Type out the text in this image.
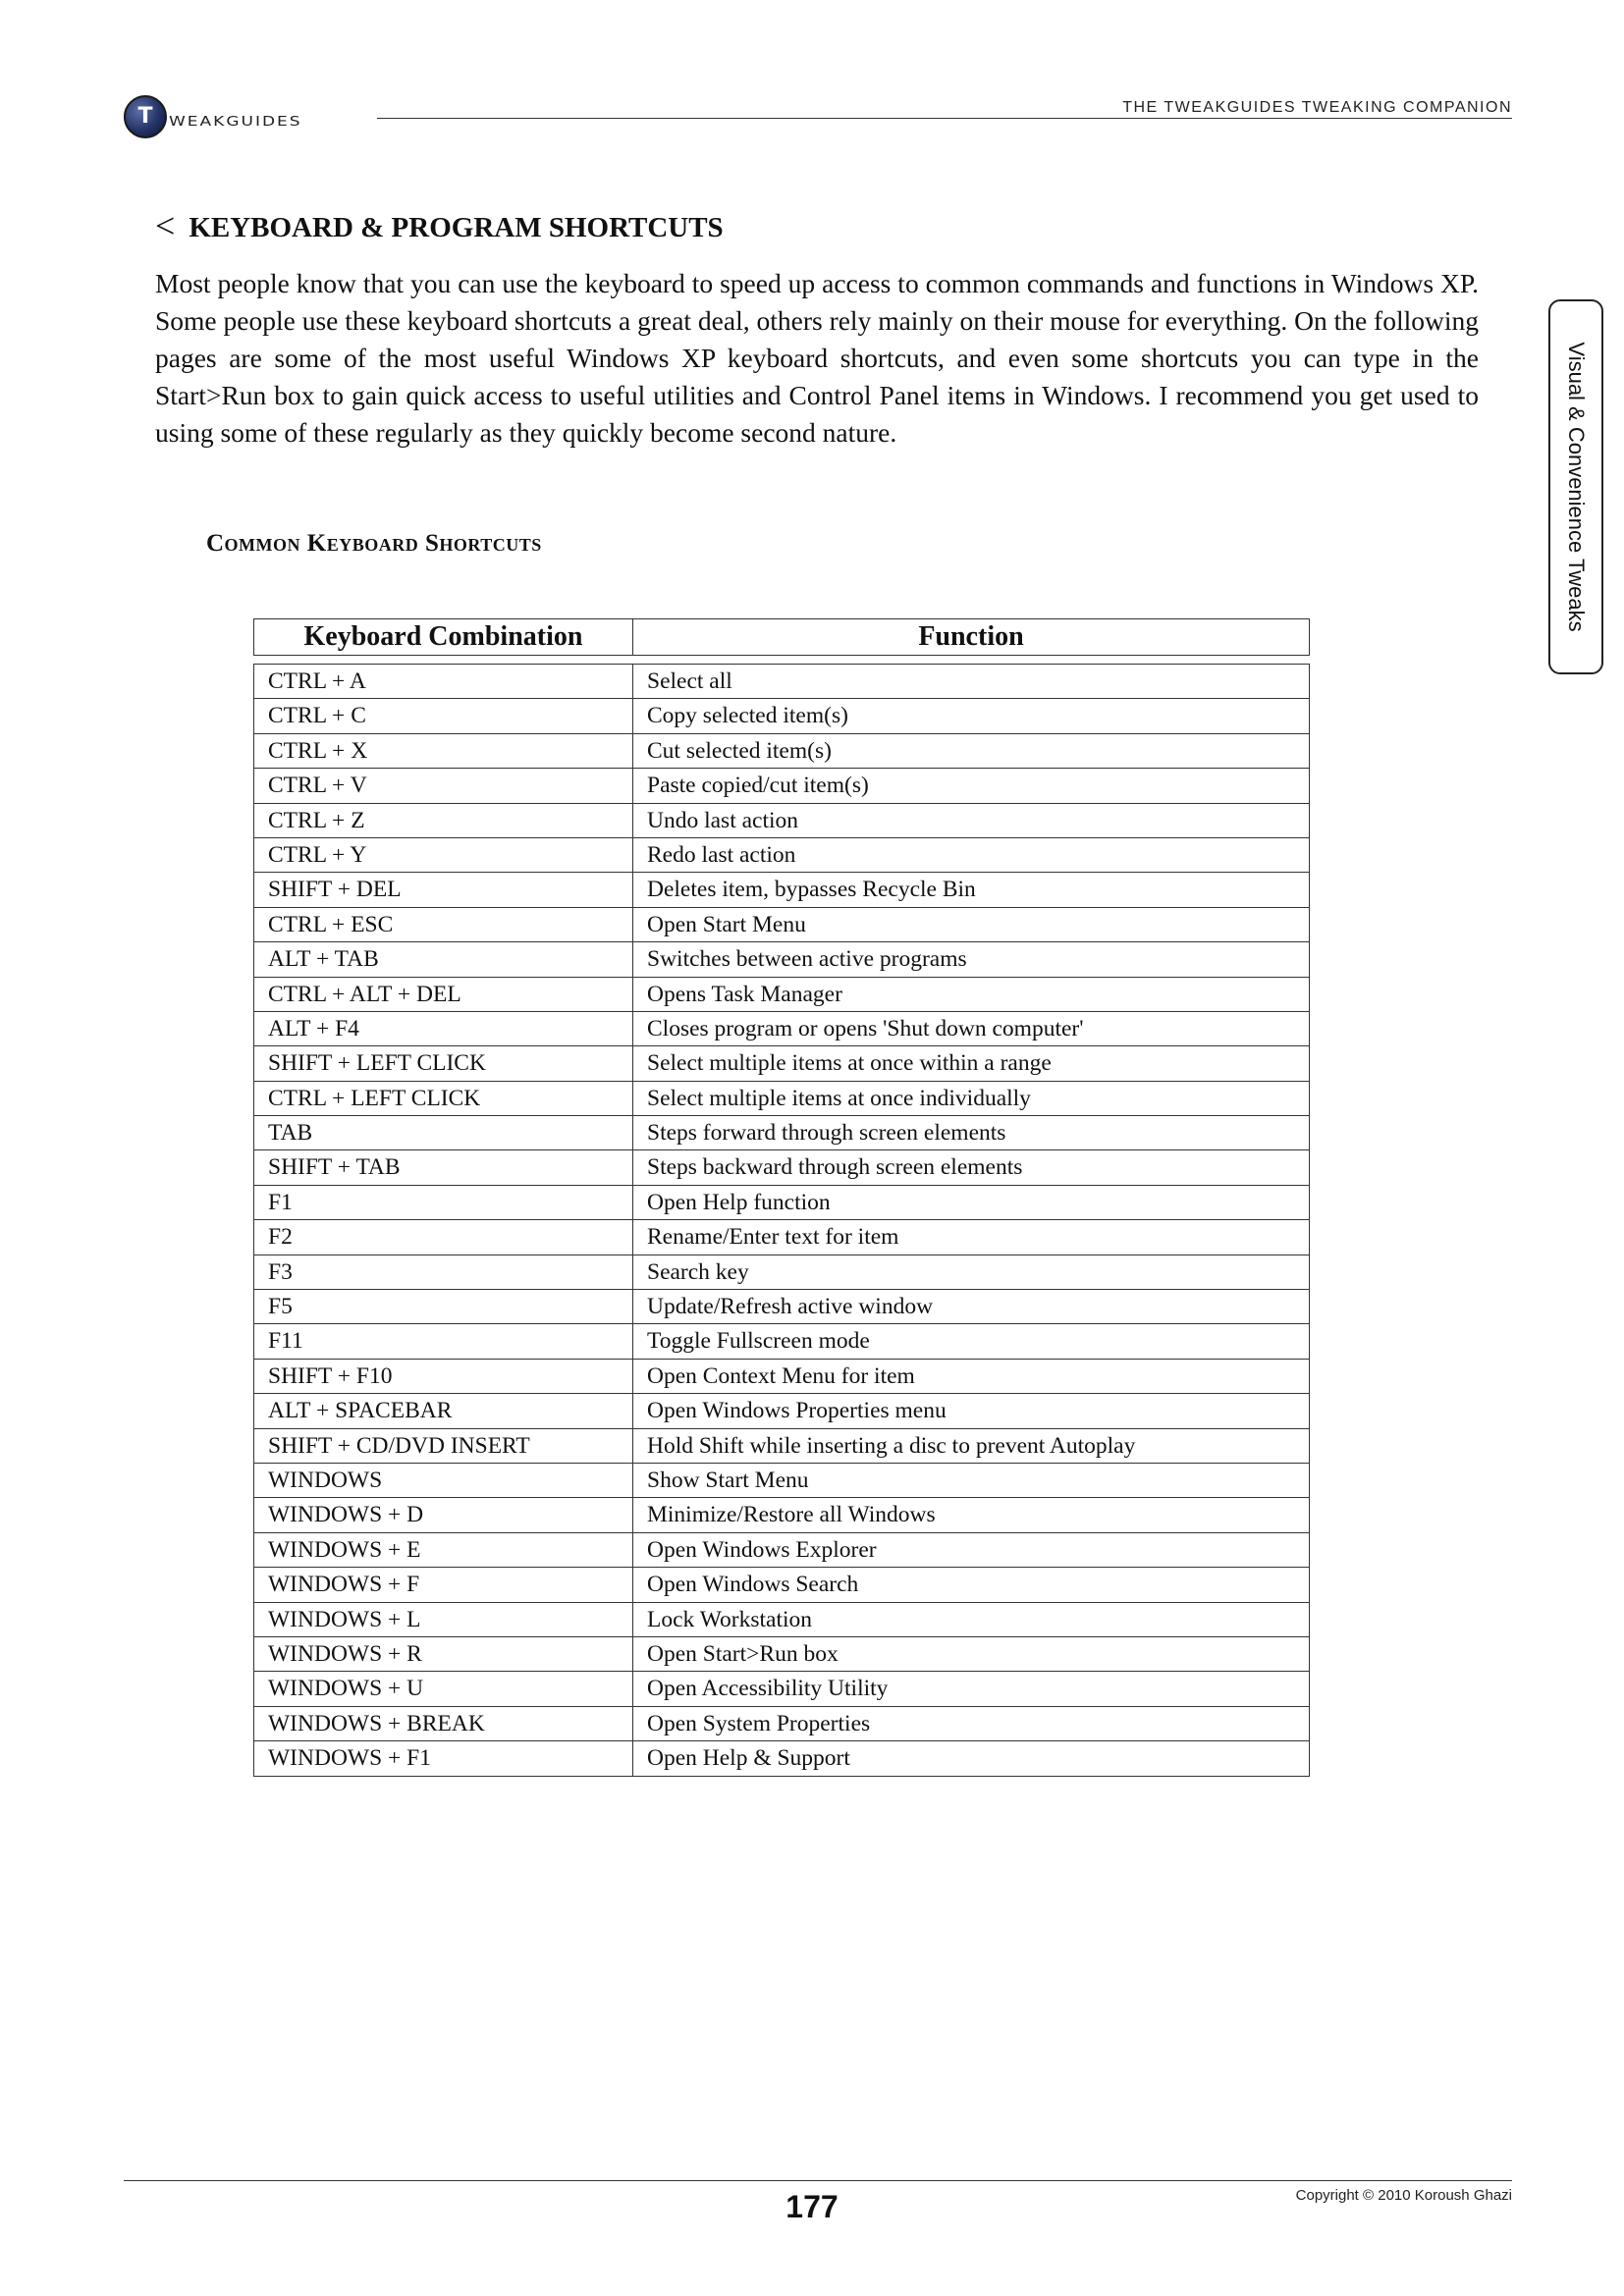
T
WEAKGUIDES
THE TWEAKGUIDES TWEAKING COMPANION
Visual & Convenience Tweaks
< KEYBOARD & PROGRAM SHORTCUTS

Most people know that you can use the keyboard to speed up access to common commands and functions in Windows XP. Some people use these keyboard shortcuts a great deal, others rely mainly on their mouse for everything. On the following pages are some of the most useful Windows XP keyboard shortcuts, and even some shortcuts you can type in the Start>Run box to gain quick access to useful utilities and Control Panel items in Windows. I recommend you get used to using some of these regularly as they quickly become second nature.

Common Keyboard Shortcuts
Keyboard Combination	Function
CTRL + A	Select all
CTRL + C	Copy selected item(s)
CTRL + X	Cut selected item(s)
CTRL + V	Paste copied/cut item(s)
CTRL + Z	Undo last action
CTRL + Y	Redo last action
SHIFT + DEL	Deletes item, bypasses Recycle Bin
CTRL + ESC	Open Start Menu
ALT + TAB	Switches between active programs
CTRL + ALT + DEL	Opens Task Manager
ALT + F4	Closes program or opens 'Shut down computer'
SHIFT + LEFT CLICK	Select multiple items at once within a range
CTRL + LEFT CLICK	Select multiple items at once individually
TAB	Steps forward through screen elements
SHIFT + TAB	Steps backward through screen elements
F1	Open Help function
F2	Rename/Enter text for item
F3	Search key
F5	Update/Refresh active window
F11	Toggle Fullscreen mode
SHIFT + F10	Open Context Menu for item
ALT + SPACEBAR	Open Windows Properties menu
SHIFT + CD/DVD INSERT	Hold Shift while inserting a disc to prevent Autoplay
WINDOWS	Show Start Menu
WINDOWS + D	Minimize/Restore all Windows
WINDOWS + E	Open Windows Explorer
WINDOWS + F	Open Windows Search
WINDOWS + L	Lock Workstation
WINDOWS + R	Open Start>Run box
WINDOWS + U	Open Accessibility Utility
WINDOWS + BREAK	Open System Properties
WINDOWS + F1	Open Help & Support
177	Copyright © 2010 Koroush Ghazi
